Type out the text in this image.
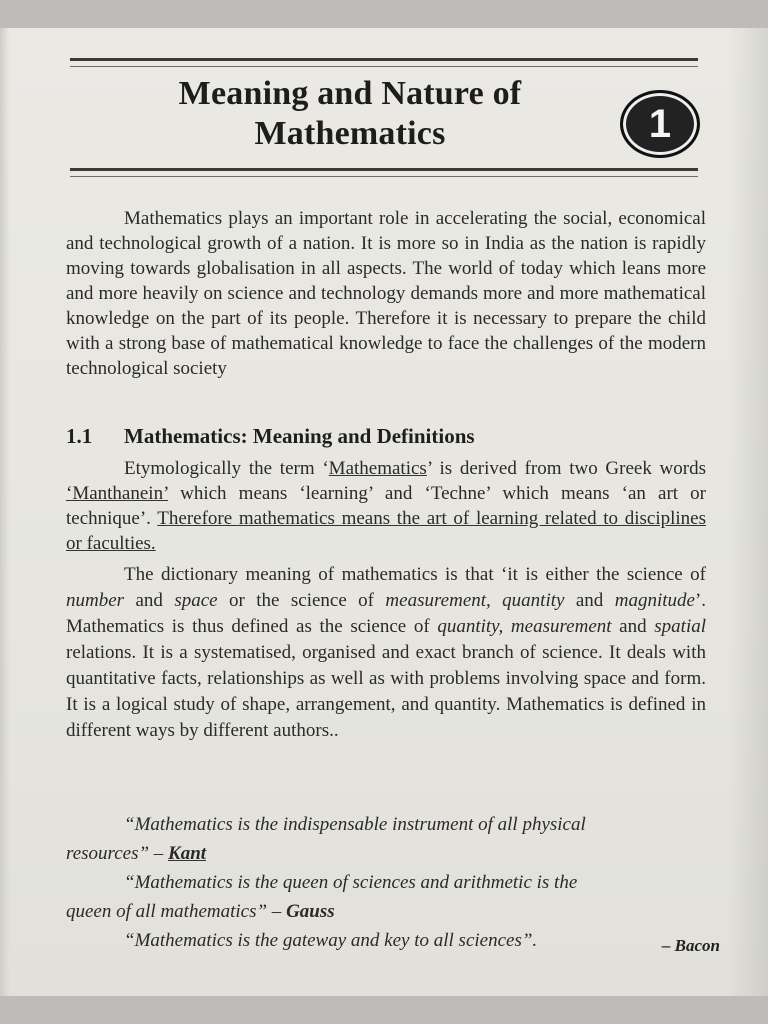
Meaning and Nature of
Mathematics	1

Mathematics plays an important role in accelerating the social, economical and technological growth of a nation. It is more so in India as the nation is rapidly moving towards globalisation in all aspects. The world of today which leans more and more heavily on science and technology demands more and more mathematical knowledge on the part of its people. Therefore it is necessary to prepare the child with a strong base of mathematical knowledge to face the challenges of the modern technological society

1.1 Mathematics: Meaning and Definitions

Etymologically the term ‘Mathematics’ is derived from two Greek words ‘Manthanein’ which means ‘learning’ and ‘Techne’ which means ‘an art or technique’. Therefore mathematics means the art of learning related to disciplines or faculties.

The dictionary meaning of mathematics is that ‘it is either the science of number and space or the science of measurement, quantity and magnitude’. Mathematics is thus defined as the science of quantity, measurement and spatial relations. It is a systematised, organised and exact branch of science. It deals with quantitative facts, relationships as well as with problems involving space and form. It is a logical study of shape, arrangement, and quantity. Mathematics is defined in different ways by different authors..

“Mathematics is the indispensable instrument of all physical
resources” – Kant
“Mathematics is the queen of sciences and arithmetic is the
queen of all mathematics” – Gauss
“Mathematics is the gateway and key to all sciences”.	– Bacon
